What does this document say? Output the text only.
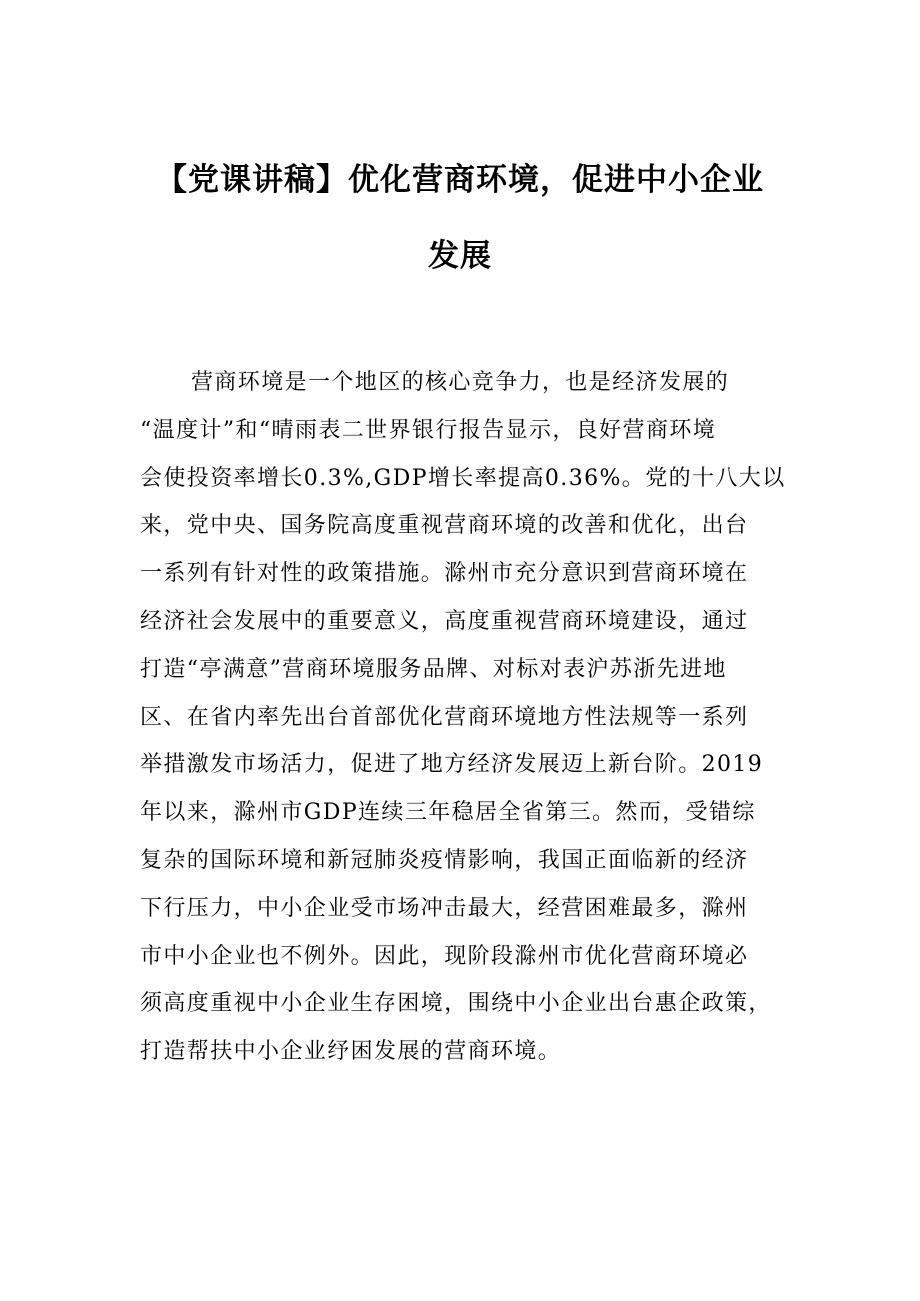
【党课讲稿】优化营商环境，促进中小企业
发展
营商环境是一个地区的核心竞争力，也是经济发展的
“温度计”和“晴雨表二世界银行报告显示，良好营商环境
会使投资率增长0.3%,GDP增长率提高0.36%。党的十八大以
来，党中央、国务院高度重视营商环境的改善和优化，出台
一系列有针对性的政策措施。滁州市充分意识到营商环境在
经济社会发展中的重要意义，高度重视营商环境建设，通过
打造“亭满意”营商环境服务品牌、对标对表沪苏浙先进地
区、在省内率先出台首部优化营商环境地方性法规等一系列
举措激发市场活力，促进了地方经济发展迈上新台阶。2019
年以来，滁州市GDP连续三年稳居全省第三。然而，受错综
复杂的国际环境和新冠肺炎疫情影响，我国正面临新的经济
下行压力，中小企业受市场冲击最大，经营困难最多，滁州
市中小企业也不例外。因此，现阶段滁州市优化营商环境必
须高度重视中小企业生存困境，围绕中小企业出台惠企政策，
打造帮扶中小企业纾困发展的营商环境。
